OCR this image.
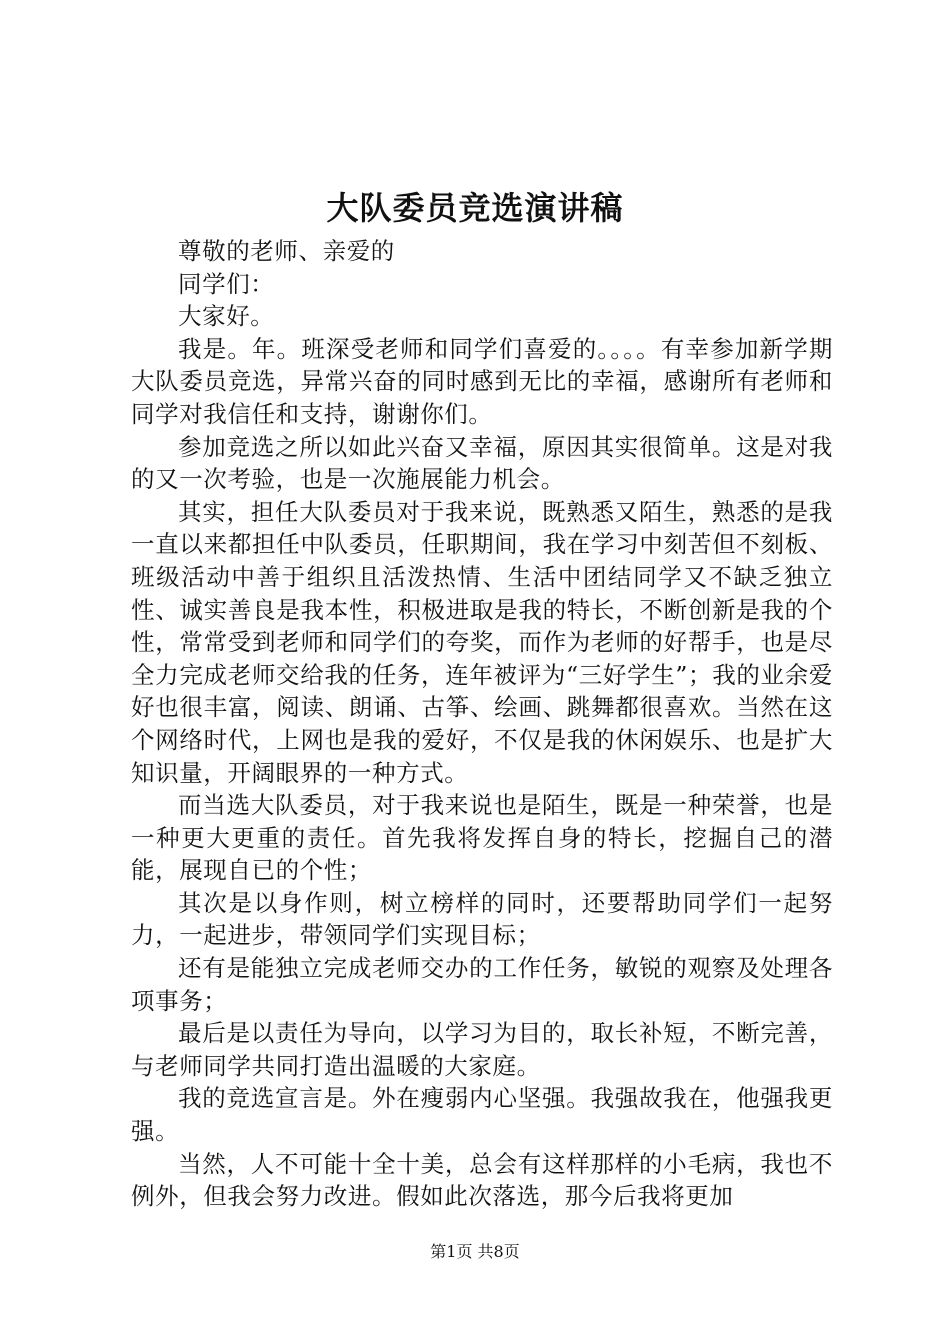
大队委员竞选演讲稿

尊敬的老师、亲爱的

同学们：

大家好。

我是。年。班深受老师和同学们喜爱的。。。。有幸参加新学期大队委员竞选，异常兴奋的同时感到无比的幸福，感谢所有老师和同学对我信任和支持，谢谢你们。

参加竞选之所以如此兴奋又幸福，原因其实很简单。这是对我的又一次考验，也是一次施展能力机会。

其实，担任大队委员对于我来说，既熟悉又陌生，熟悉的是我一直以来都担任中队委员，任职期间，我在学习中刻苦但不刻板、班级活动中善于组织且活泼热情、生活中团结同学又不缺乏独立性、诚实善良是我本性，积极进取是我的特长，不断创新是我的个性，常常受到老师和同学们的夸奖，而作为老师的好帮手，也是尽全力完成老师交给我的任务，连年被评为“三好学生”；我的业余爱好也很丰富，阅读、朗诵、古筝、绘画、跳舞都很喜欢。当然在这个网络时代，上网也是我的爱好，不仅是我的休闲娱乐、也是扩大知识量，开阔眼界的一种方式。

而当选大队委员，对于我来说也是陌生，既是一种荣誉，也是一种更大更重的责任。首先我将发挥自身的特长，挖掘自己的潜能，展现自已的个性；

其次是以身作则，树立榜样的同时，还要帮助同学们一起努力，一起进步，带领同学们实现目标；

还有是能独立完成老师交办的工作任务，敏锐的观察及处理各项事务；

最后是以责任为导向，以学习为目的，取长补短，不断完善，与老师同学共同打造出温暖的大家庭。

我的竞选宣言是。外在瘦弱内心坚强。我强故我在，他强我更强。

当然，人不可能十全十美，总会有这样那样的小毛病，我也不例外，但我会努力改进。假如此次落选，那今后我将更加

第1页 共8页
